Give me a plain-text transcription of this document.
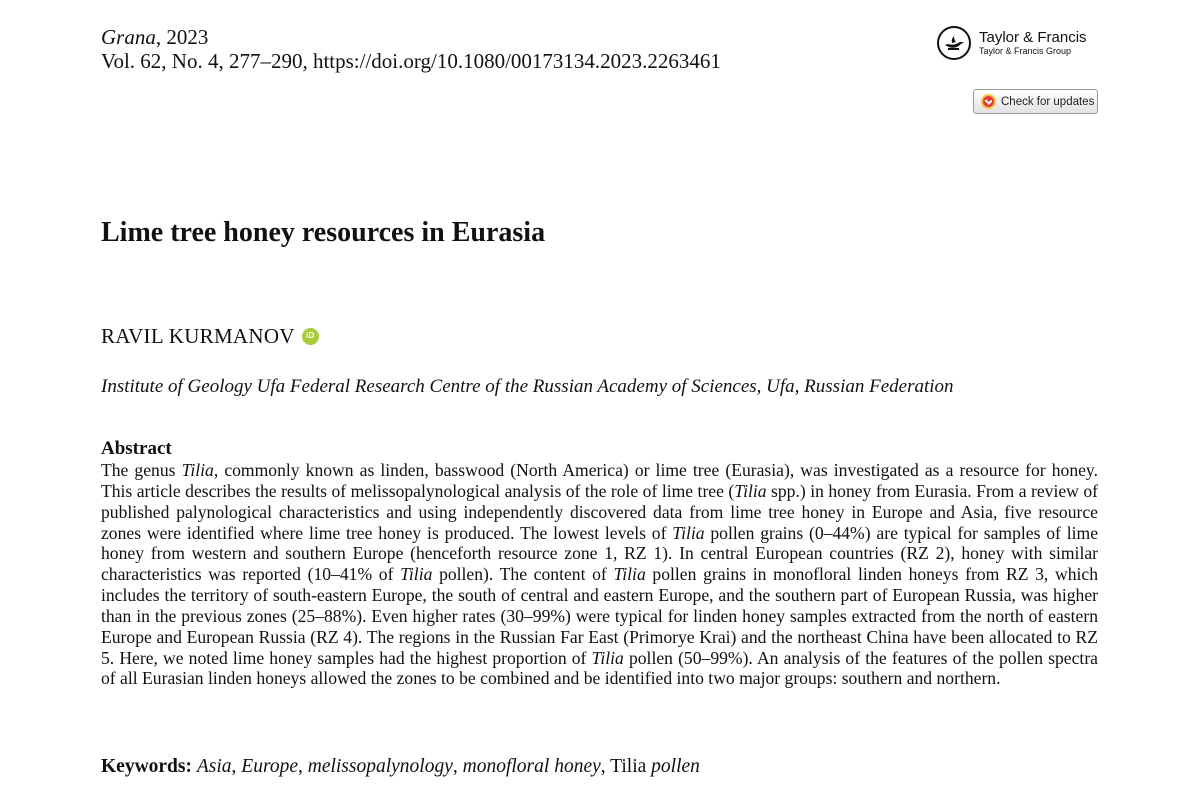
Grana, 2023
Vol. 62, No. 4, 277–290, https://doi.org/10.1080/00173134.2023.2263461
Taylor & Francis
Taylor & Francis Group
Check for updates
Lime tree honey resources in Eurasia
RAVIL KURMANOV	iD
Institute of Geology Ufa Federal Research Centre of the Russian Academy of Sciences, Ufa, Russian Federation
Abstract

The genus Tilia, commonly known as linden, basswood (North America) or lime tree (Eurasia), was investigated as a resource for honey. This article describes the results of melissopalynological analysis of the role of lime tree (Tilia spp.) in honey from Eurasia. From a review of published palynological characteristics and using independently discovered data from lime tree honey in Europe and Asia, five resource zones were identified where lime tree honey is produced. The lowest levels of Tilia pollen grains (0–44%) are typical for samples of lime honey from western and southern Europe (henceforth resource zone 1, RZ 1). In central European countries (RZ 2), honey with similar characteristics was reported (10–41% of Tilia pollen). The content of Tilia pollen grains in monofloral linden honeys from RZ 3, which includes the territory of south-eastern Europe, the south of central and eastern Europe, and the southern part of European Russia, was higher than in the previous zones (25–88%). Even higher rates (30–99%) were typical for linden honey samples extracted from the north of eastern Europe and European Russia (RZ 4). The regions in the Russian Far East (Primorye Krai) and the northeast China have been allocated to RZ 5. Here, we noted lime honey samples had the highest proportion of Tilia pollen (50–99%). An analysis of the features of the pollen spectra of all Eurasian linden honeys allowed the zones to be combined and be identified into two major groups: southern and northern.

Keywords: Asia, Europe, melissopalynology, monofloral honey, Tilia pollen
